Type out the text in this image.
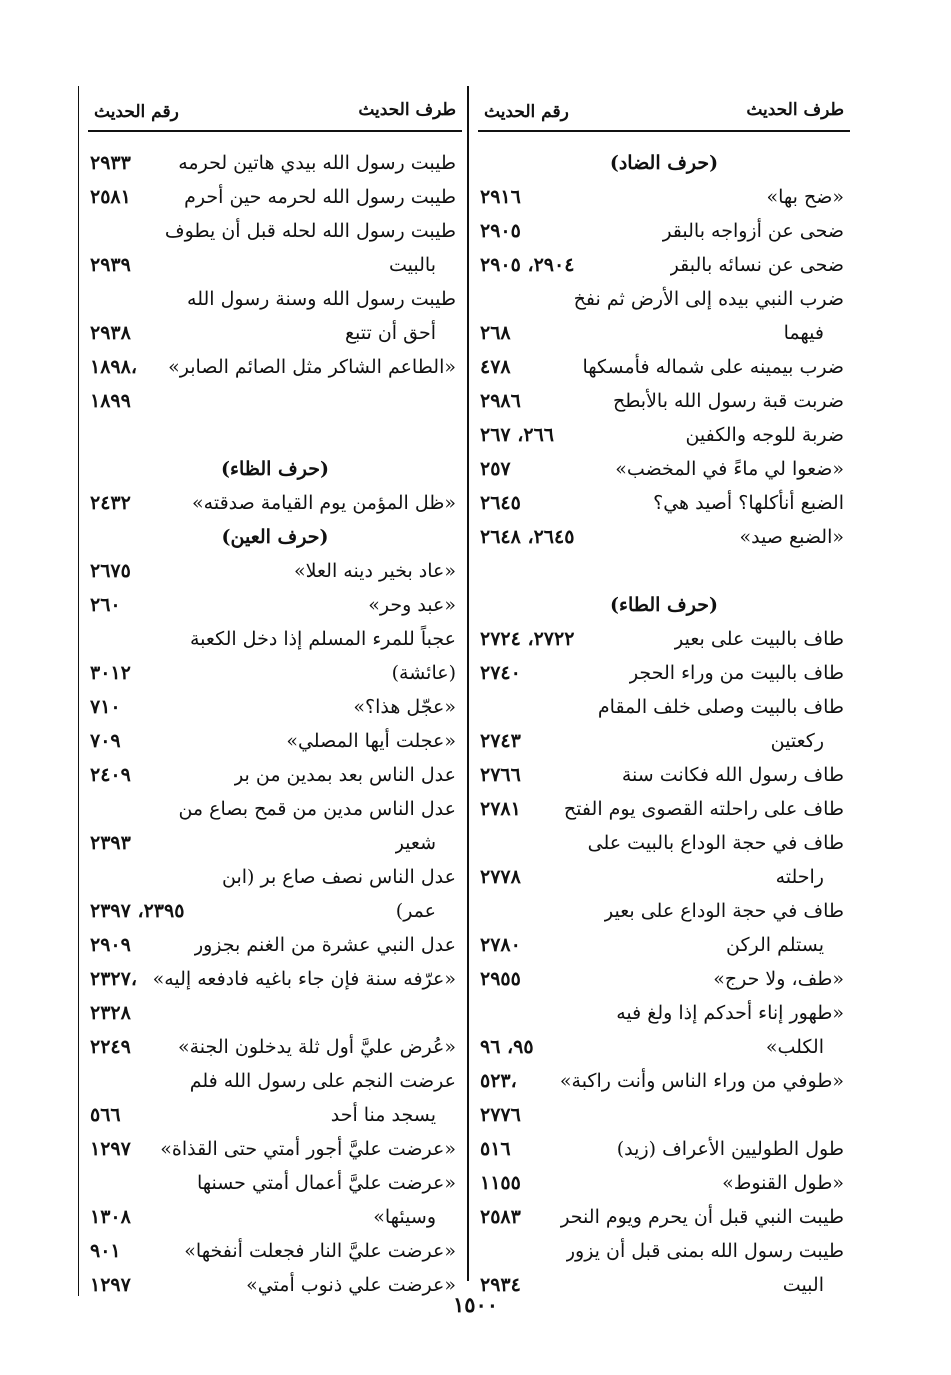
طرف الحديث
رقم الحديث
(حرف الضاد)
«ضح بها»
٢٩١٦
ضحى عن أزواجه بالبقر
٢٩٠٥
ضحى عن نسائه بالبقر
٢٩٠٤، ٢٩٠٥
ضرب النبي بيده إلى الأرض ثم نفخ
فيهما
٢٦٨
ضرب بيمينه على شماله فأمسكها
٤٧٨
ضربت قبة رسول الله بالأبطح
٢٩٨٦
ضربة للوجه والكفين
٢٦٦، ٢٦٧
«ضعوا لي ماءً في المخضب»
٢٥٧
الضبع أنأكلها؟ أصيد هي؟
٢٦٤٥
«الضبع صيد»
٢٦٤٥، ٢٦٤٨
(حرف الطاء)
طاف بالبيت على بعير
٢٧٢٢، ٢٧٢٤
طاف بالبيت من وراء الحجر
٢٧٤٠
طاف بالبيت وصلى خلف المقام
ركعتين
٢٧٤٣
طاف رسول الله فكانت سنة
٢٧٦٦
طاف على راحلته القصوى يوم الفتح
٢٧٨١
طاف في حجة الوداع بالبيت على
راحلته
٢٧٧٨
طاف في حجة الوداع على بعير
يستلم الركن
٢٧٨٠
«طف، ولا حرج»
٢٩٥٥
«طهور إناء أحدكم إذا ولغ فيه
الكلب»
٩٥، ٩٦
«طوفي من وراء الناس وأنت راكبة»
٥٢٣،
٢٧٧٦
طول الطوليين الأعراف (زيد)
٥١٦
«طول القنوط»
١١٥٥
طيبت النبي قبل أن يحرم ويوم النحر
٢٥٨٣
طيبت رسول الله بمنى قبل أن يزور
البيت
٢٩٣٤
طرف الحديث
رقم الحديث
طيبت رسول الله بيدي هاتين لحرمه
٢٩٣٣
طيبت رسول الله لحرمه حين أحرم
٢٥٨١
طيبت رسول الله لحله قبل أن يطوف
بالبيت
٢٩٣٩
طيبت رسول الله وسنة رسول الله
أحق أن تتبع
٢٩٣٨
«الطاعم الشاكر مثل الصائم الصابر»
١٨٩٨،
١٨٩٩
(حرف الظاء)
«ظل المؤمن يوم القيامة صدقته»
٢٤٣٢
(حرف العين)
«عاد بخير دينه العلا»
٢٦٧٥
«عبد وحر»
٢٦٠
عجباً للمرء المسلم إذا دخل الكعبة
(عائشة)
٣٠١٢
«عجّل هذا؟»
٧١٠
«عجلت أيها المصلي»
٧٠٩
عدل الناس بعد بمدين من بر
٢٤٠٩
عدل الناس مدين من قمح بصاع من
شعير
٢٣٩٣
عدل الناس نصف صاع بر (ابن
عمر)
٢٣٩٥، ٢٣٩٧
عدل النبي عشرة من الغنم بجزور
٢٩٠٩
«عرّفه سنة فإن جاء باغيه فادفعه إليه»
٢٣٢٧،
٢٣٢٨
«عُرض عليَّ أول ثلة يدخلون الجنة»
٢٢٤٩
عرضت النجم على رسول الله فلم
يسجد منا أحد
٥٦٦
«عرضت عليَّ أجور أمتي حتى القذاة»
١٢٩٧
«عرضت عليَّ أعمال أمتي حسنها
وسيئها»
١٣٠٨
«عرضت عليَّ النار فجعلت أنفخها»
٩٠١
«عرضت علي ذنوب أمتي»
١٢٩٧
١٥٠٠
